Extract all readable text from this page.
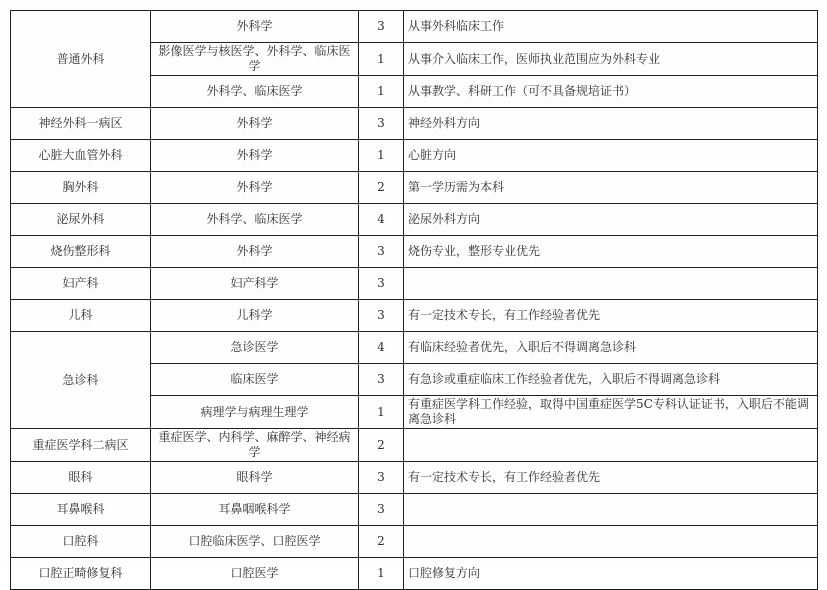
普通外科	外科学	3	从事外科临床工作
	影像医学与核医学、外科学、临床医学	1	从事介入临床工作，医师执业范围应为外科专业
	外科学、临床医学	1	从事教学、科研工作（可不具备规培证书）
神经外科一病区	外科学	3	神经外科方向
心脏大血管外科	外科学	1	心脏方向
胸外科	外科学	2	第一学历需为本科
泌尿外科	外科学、临床医学	4	泌尿外科方向
烧伤整形科	外科学	3	烧伤专业，整形专业优先
妇产科	妇产科学	3	
儿科	儿科学	3	有一定技术专长，有工作经验者优先
急诊科	急诊医学	4	有临床经验者优先，入职后不得调离急诊科
	临床医学	3	有急诊或重症临床工作经验者优先，入职后不得调离急诊科
	病理学与病理生理学	1	有重症医学科工作经验，取得中国重症医学5C专科认证证书，入职后不能调离急诊科
重症医学科二病区	重症医学、内科学、麻醉学、神经病学	2	
眼科	眼科学	3	有一定技术专长，有工作经验者优先
耳鼻喉科	耳鼻咽喉科学	3	
口腔科	口腔临床医学、口腔医学	2	
口腔正畸修复科	口腔医学	1	口腔修复方向
